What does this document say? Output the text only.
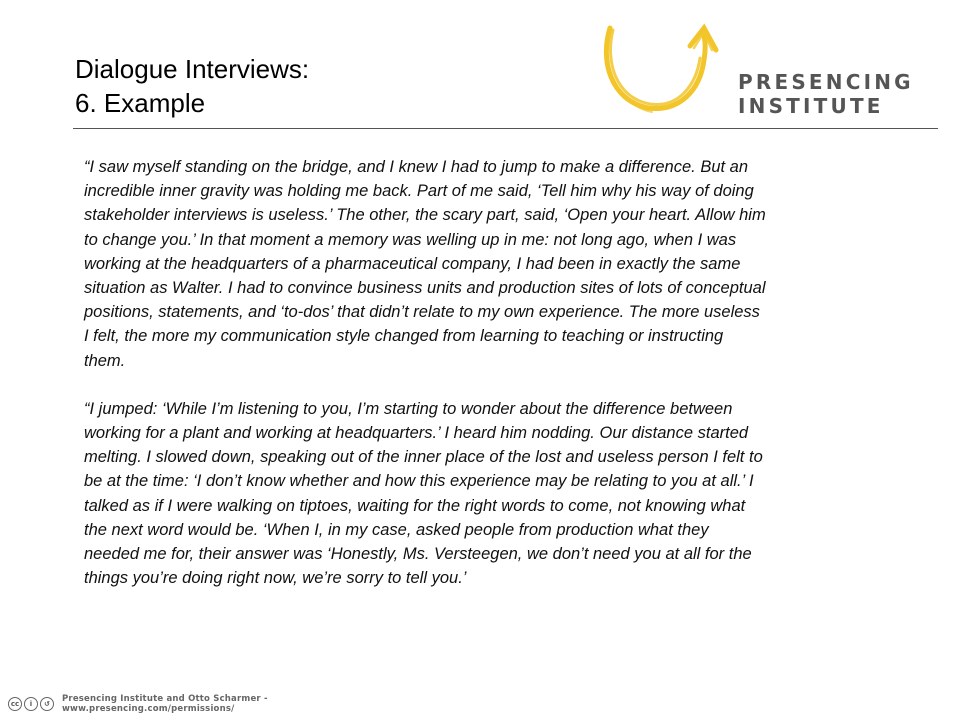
Dialogue Interviews:
6. Example
PRESENCING
INSTITUTE

“I saw myself standing on the bridge, and I knew I had to jump to make a difference. But an
incredible inner gravity was holding me back. Part of me said, ‘Tell him why his way of doing
stakeholder interviews is useless.’ The other, the scary part, said, ‘Open your heart. Allow him
to change you.’ In that moment a memory was welling up in me: not long ago, when I was
working at the headquarters of a pharmaceutical company, I had been in exactly the same
situation as Walter. I had to convince business units and production sites of lots of conceptual
positions, statements, and ‘to-dos’ that didn’t relate to my own experience. The more useless
I felt, the more my communication style changed from learning to teaching or instructing
them.

“I jumped: ‘While I’m listening to you, I’m starting to wonder about the difference between
working for a plant and working at headquarters.’ I heard him nodding. Our distance started
melting. I slowed down, speaking out of the inner place of the lost and useless person I felt to
be at the time: ‘I don’t know whether and how this experience may be relating to you at all.’ I
talked as if I were walking on tiptoes, waiting for the right words to come, not knowing what
the next word would be. ‘When I, in my case, asked people from production what they
needed me for, their answer was ‘Honestly, Ms. Versteegen, we don’t need you at all for the
things you’re doing right now, we’re sorry to tell you.’

cc	i	↺	Presencing Institute and Otto Scharmer - www.presencing.com/permissions/
